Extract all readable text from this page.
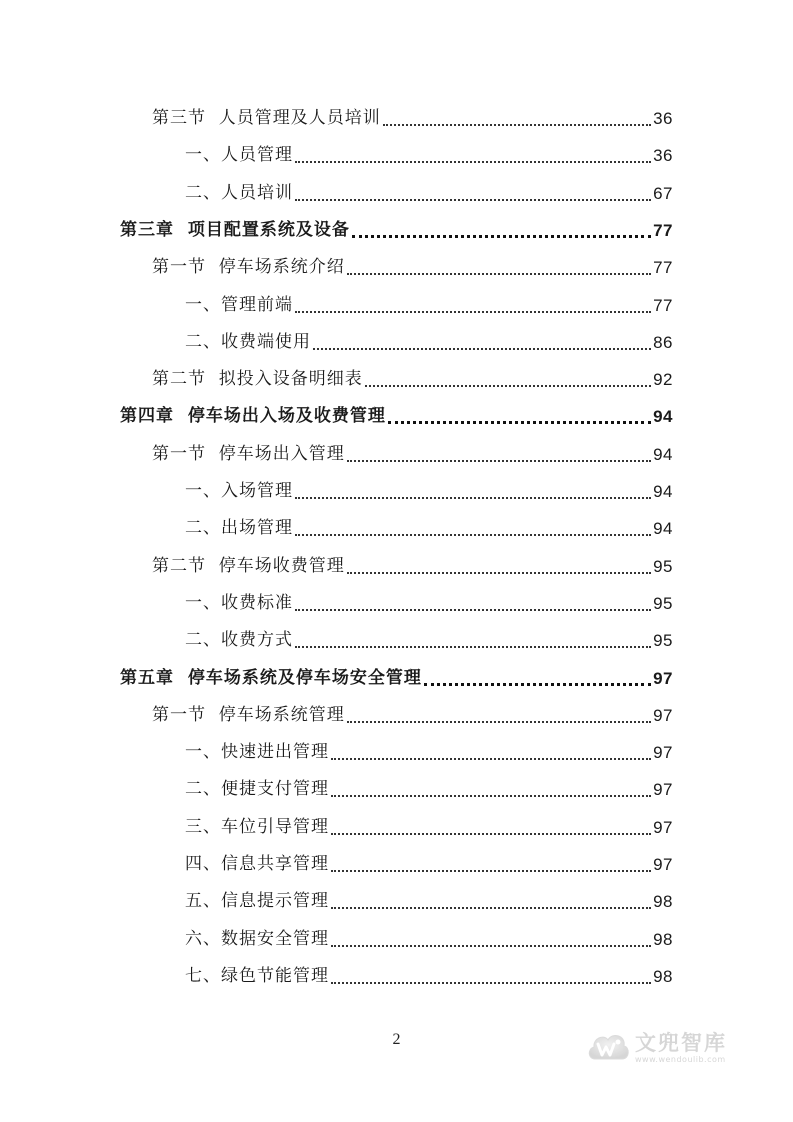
第三节  人员管理及人员培训	36
一、人员管理	36
二、人员培训	67
第三章  项目配置系统及设备	77
第一节  停车场系统介绍	77
一、管理前端	77
二、收费端使用	86
第二节  拟投入设备明细表	92
第四章  停车场出入场及收费管理	94
第一节  停车场出入管理	94
一、入场管理	94
二、出场管理	94
第二节  停车场收费管理	95
一、收费标准	95
二、收费方式	95
第五章  停车场系统及停车场安全管理	97
第一节  停车场系统管理	97
一、快速进出管理	97
二、便捷支付管理	97
三、车位引导管理	97
四、信息共享管理	97
五、信息提示管理	98
六、数据安全管理	98
七、绿色节能管理	98
2	文兜智库
www.wendoulib.com
